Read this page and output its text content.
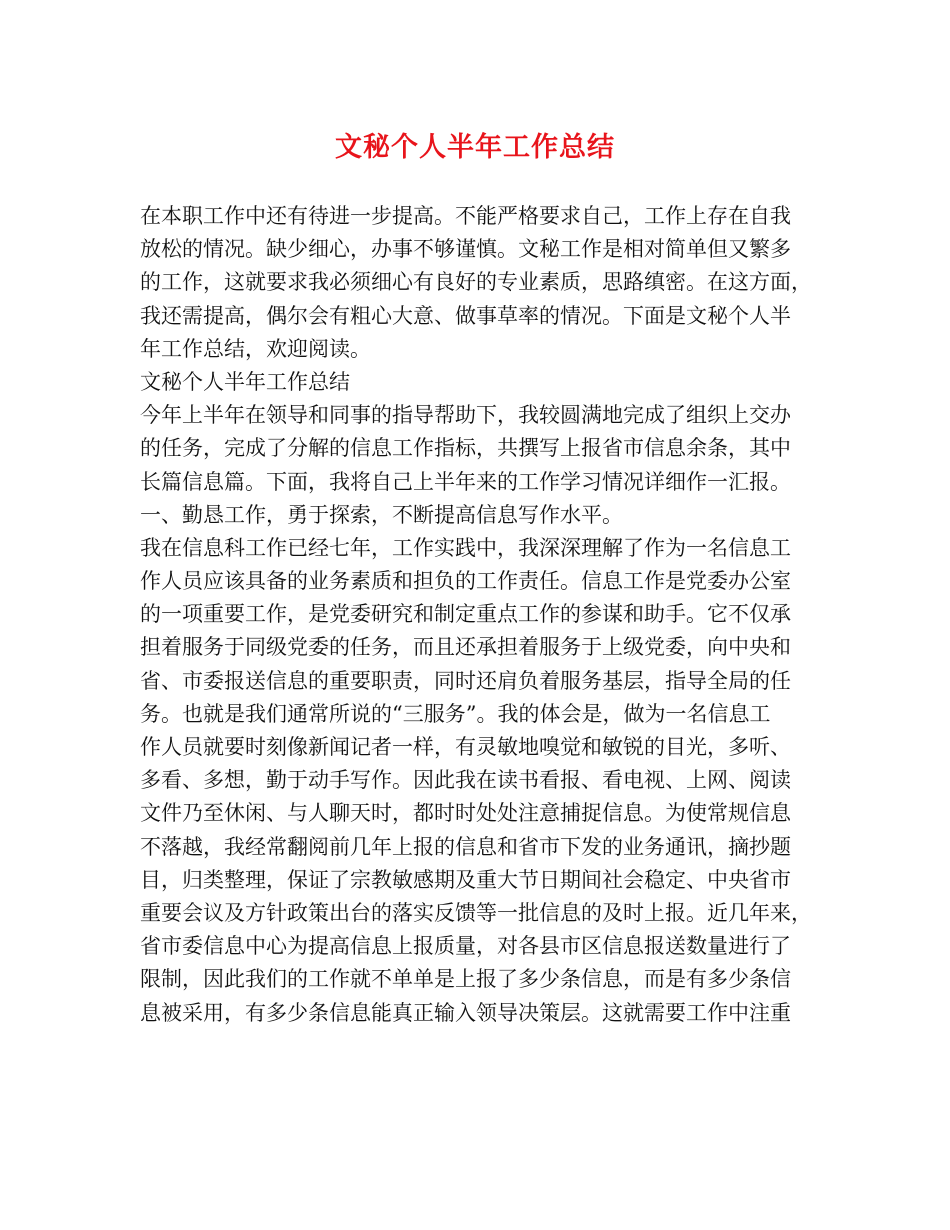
文秘个人半年工作总结
在本职工作中还有待进一步提高。不能严格要求自己，工作上存在自我
放松的情况。缺少细心，办事不够谨慎。文秘工作是相对简单但又繁多
的工作，这就要求我必须细心有良好的专业素质，思路缜密。在这方面，
我还需提高，偶尔会有粗心大意、做事草率的情况。下面是文秘个人半
年工作总结，欢迎阅读。
文秘个人半年工作总结
今年上半年在领导和同事的指导帮助下，我较圆满地完成了组织上交办
的任务，完成了分解的信息工作指标，共撰写上报省市信息余条，其中
长篇信息篇。下面，我将自己上半年来的工作学习情况详细作一汇报。
一、勤恳工作，勇于探索，不断提高信息写作水平。
我在信息科工作已经七年，工作实践中，我深深理解了作为一名信息工
作人员应该具备的业务素质和担负的工作责任。信息工作是党委办公室
的一项重要工作，是党委研究和制定重点工作的参谋和助手。它不仅承
担着服务于同级党委的任务，而且还承担着服务于上级党委，向中央和
省、市委报送信息的重要职责，同时还肩负着服务基层，指导全局的任
务。也就是我们通常所说的“三服务”。我的体会是，做为一名信息工
作人员就要时刻像新闻记者一样，有灵敏地嗅觉和敏锐的目光，多听、
多看、多想，勤于动手写作。因此我在读书看报、看电视、上网、阅读
文件乃至休闲、与人聊天时，都时时处处注意捕捉信息。为使常规信息
不落越，我经常翻阅前几年上报的信息和省市下发的业务通讯，摘抄题
目，归类整理，保证了宗教敏感期及重大节日期间社会稳定、中央省市
重要会议及方针政策出台的落实反馈等一批信息的及时上报。近几年来，
省市委信息中心为提高信息上报质量，对各县市区信息报送数量进行了
限制，因此我们的工作就不单单是上报了多少条信息，而是有多少条信
息被采用，有多少条信息能真正输入领导决策层。这就需要工作中注重
